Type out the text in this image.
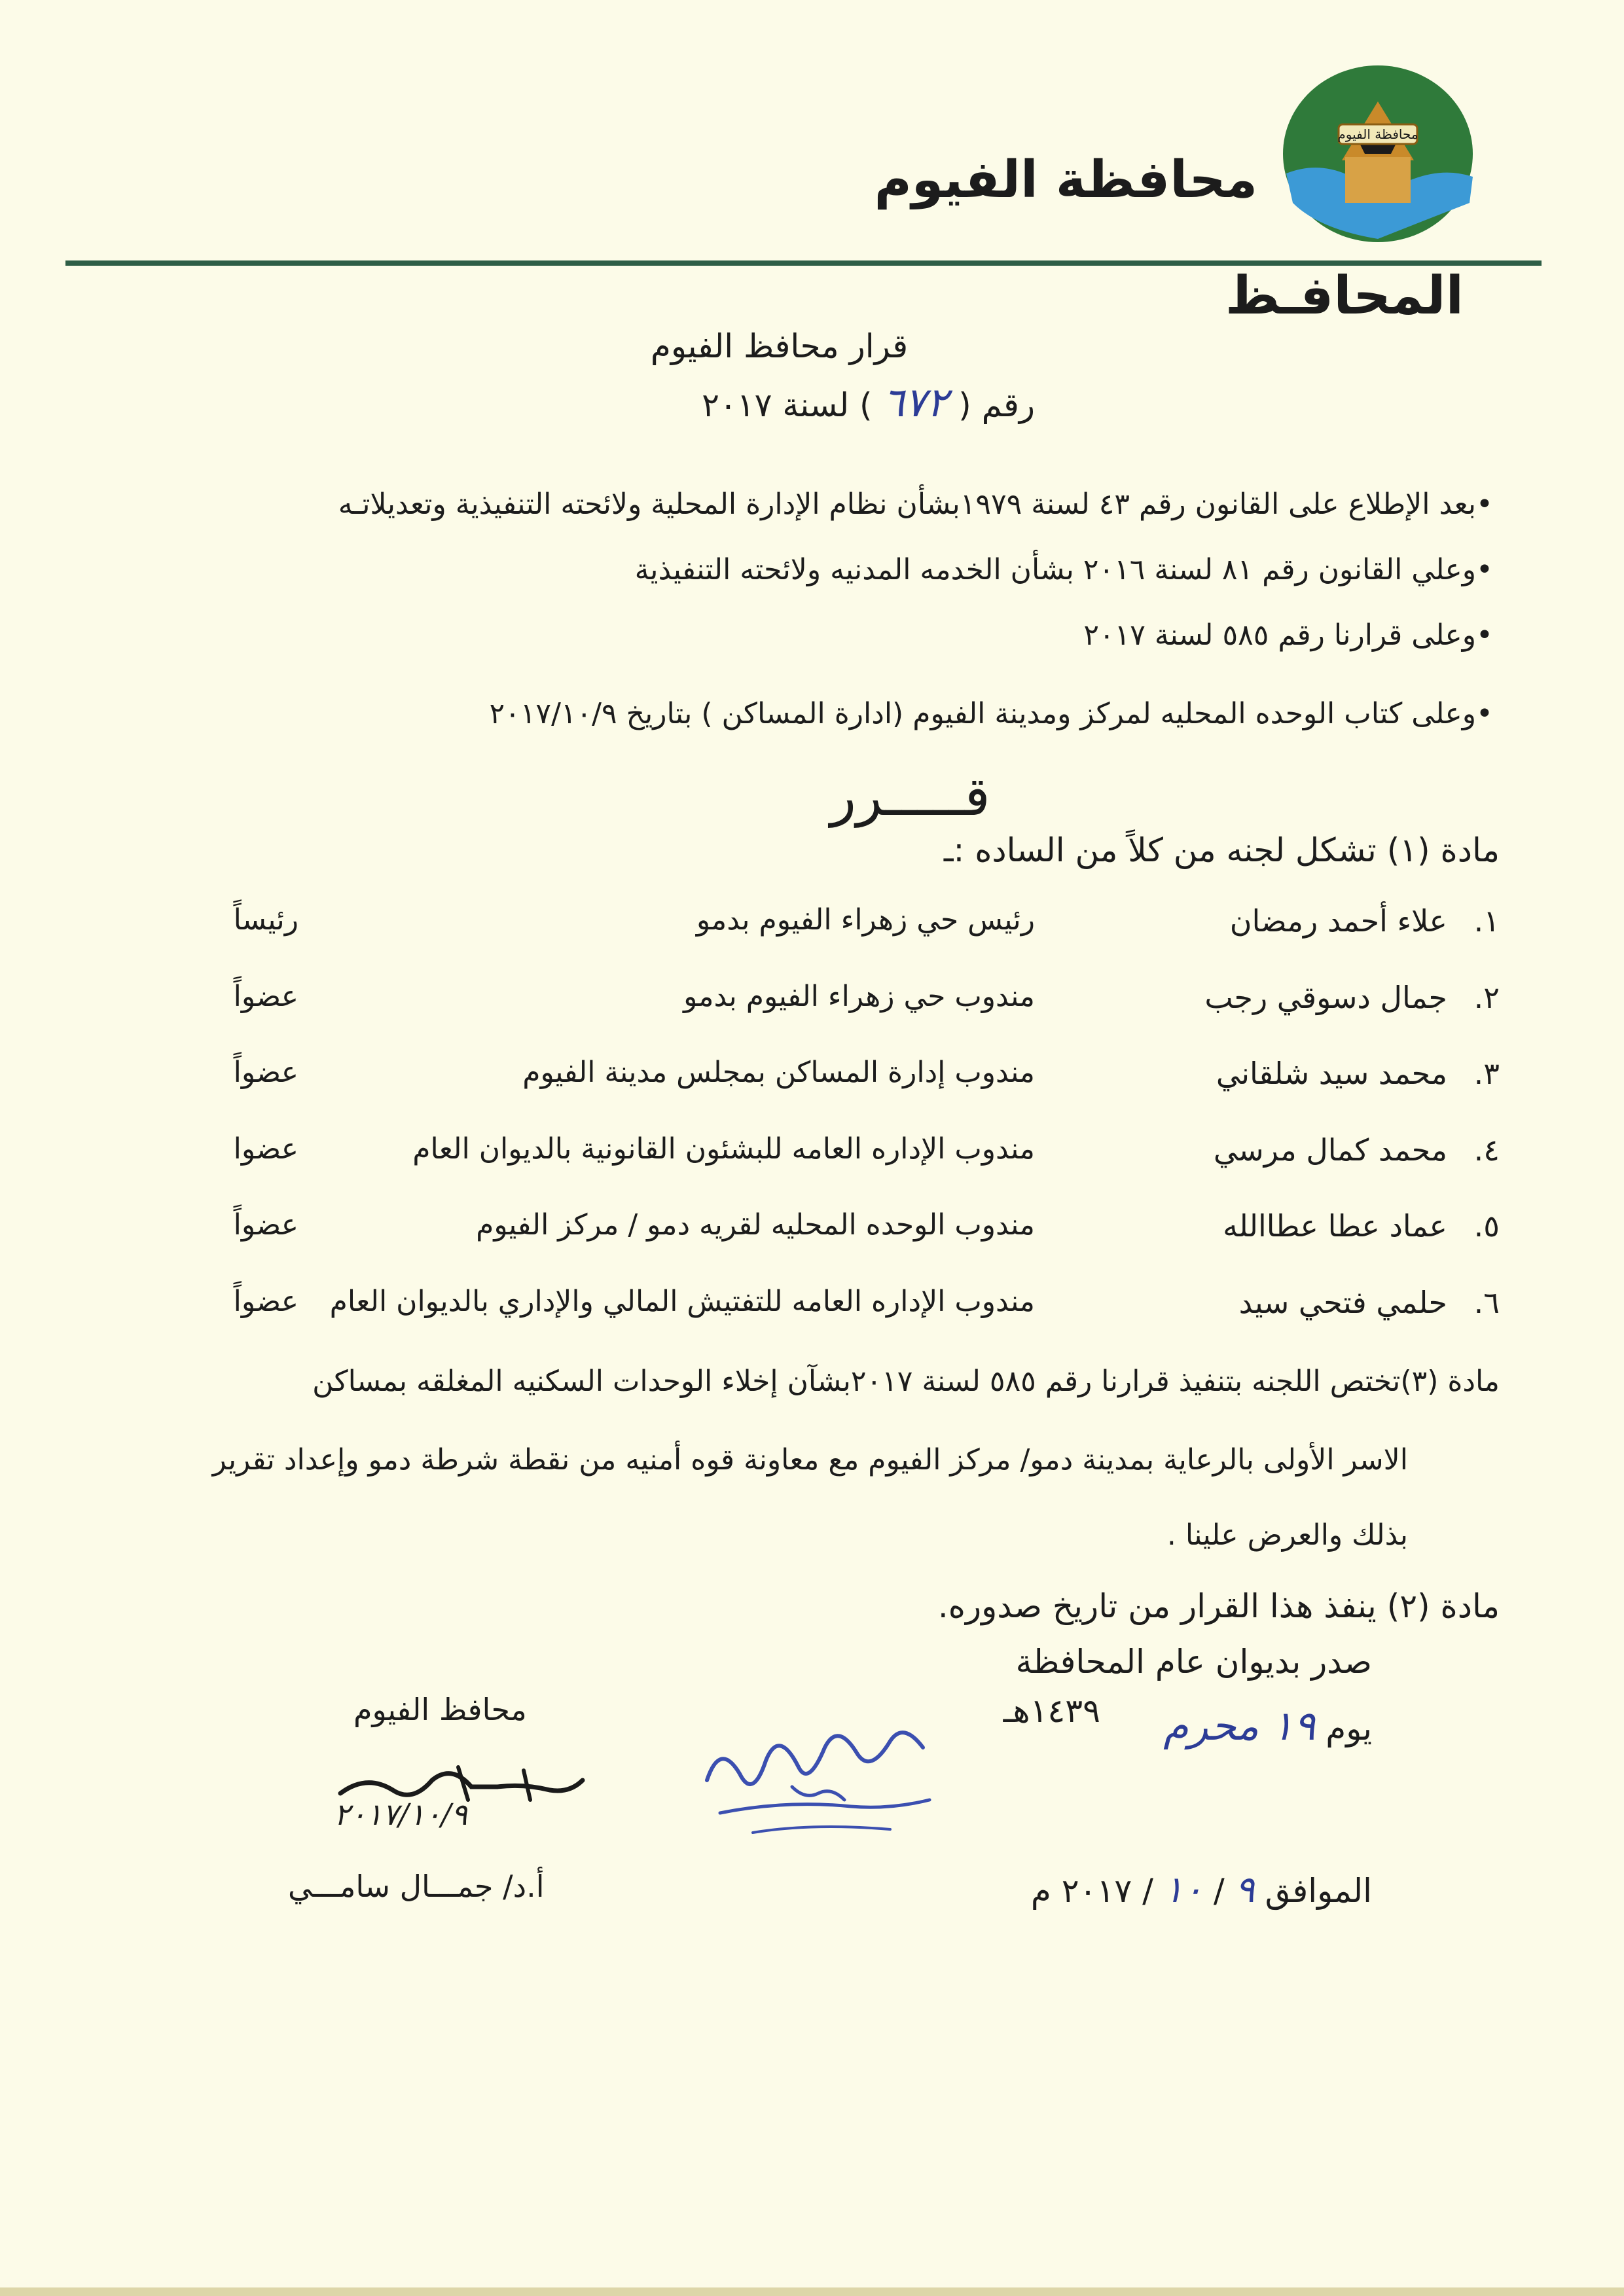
محافظة الفيوم
محافظة الفيوم
المحافـظ
قرار محافظ الفيوم
رقم ( ٦٧٢ ) لسنة ٢٠١٧
•بعد الإطلاع على القانون رقم ٤٣ لسنة ١٩٧٩بشأن نظام الإدارة المحلية ولائحته التنفيذية وتعديلاتـه
•وعلي القانون رقم ٨١ لسنة ٢٠١٦ بشأن الخدمه المدنيه ولائحته التنفيذية
•وعلى قرارنا رقم ٥٨٥ لسنة ٢٠١٧
•وعلى كتاب الوحده المحليه لمركز ومدينة الفيوم (ادارة المساكن ) بتاريخ ٢٠١٧/١٠/٩
قـــــرر
مادة (١) تشكل لجنه من كلاً من الساده :ـ
١.
علاء أحمد رمضان
رئيس حي زهراء الفيوم بدمو
رئيساً
٢.
جمال دسوقي رجب
مندوب حي زهراء الفيوم بدمو
عضواً
٣.
محمد سيد شلقاني
مندوب إدارة المساكن بمجلس مدينة الفيوم
عضواً
٤.
محمد كمال مرسي
مندوب الإداره العامه للبشئون القانونية بالديوان العام
عضوا
٥.
عماد عطا عطاالله
مندوب الوحده المحليه لقريه دمو / مركز الفيوم
عضواً
٦.
حلمي فتحي سيد
مندوب الإداره العامه للتفتيش المالي والإداري بالديوان العام
عضواً
مادة (٣)تختص اللجنه بتنفيذ قرارنا رقم ٥٨٥ لسنة ٢٠١٧بشآن إخلاء الوحدات السكنيه المغلقه بمساكن
الاسر الأولى بالرعاية بمدينة دمو/ مركز الفيوم مع معاونة قوه أمنيه من نقطة شرطة دمو وإعداد تقرير
بذلك والعرض علينا .
مادة (٢) ينفذ هذا القرار من تاريخ صدوره.
صدر بديوان عام المحافظة
يوم ١٩ محرم
١٤٣٩هـ
الموافق ٩ / ١٠ / ٢٠١٧ م
محافظ الفيوم
٢٠١٧/١٠/٩
أ.د/ جمـــال سامـــي
